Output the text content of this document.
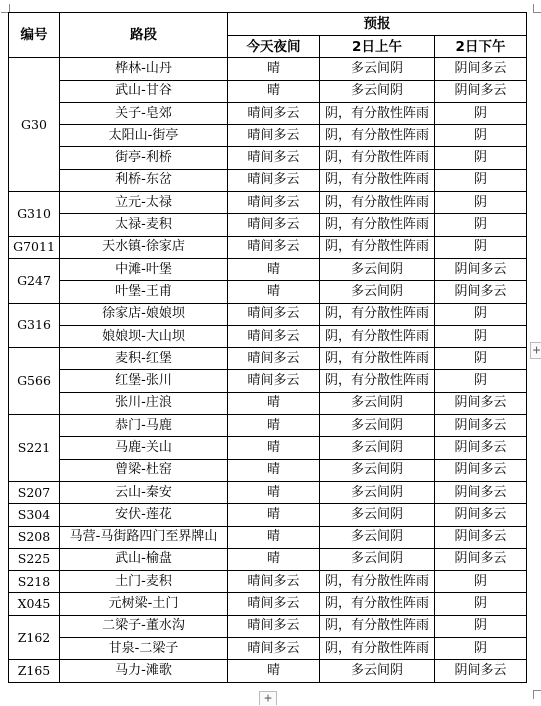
编号	路段	预报		
		今天夜间	2日上午	2日下午
G30	桦林-山丹	晴	多云间阴	阴间多云
	武山-甘谷	晴	多云间阴	阴间多云
	关子-皂郊	晴间多云	阴，有分散性阵雨	阴
	太阳山-街亭	晴间多云	阴，有分散性阵雨	阴
	街亭-利桥	晴间多云	阴，有分散性阵雨	阴
	利桥-东岔	晴间多云	阴，有分散性阵雨	阴
G310	立元-太禄	晴间多云	阴，有分散性阵雨	阴
	太禄-麦积	晴间多云	阴，有分散性阵雨	阴
G7011	天水镇-徐家店	晴间多云	阴，有分散性阵雨	阴
G247	中滩-叶堡	晴	多云间阴	阴间多云
	叶堡-王甫	晴	多云间阴	阴间多云
G316	徐家店-娘娘坝	晴间多云	阴，有分散性阵雨	阴
	娘娘坝-大山坝	晴间多云	阴，有分散性阵雨	阴
G566	麦积-红堡	晴间多云	阴，有分散性阵雨	阴
	红堡-张川	晴间多云	阴，有分散性阵雨	阴
	张川-庄浪	晴	多云间阴	阴间多云
S221	恭门-马鹿	晴	多云间阴	阴间多云
	马鹿-关山	晴	多云间阴	阴间多云
	曾梁-杜窑	晴	多云间阴	阴间多云
S207	云山-秦安	晴	多云间阴	阴间多云
S304	安伏-莲花	晴	多云间阴	阴间多云
S208	马营-马街路四门至界牌山	晴	多云间阴	阴间多云
S225	武山-榆盘	晴	多云间阴	阴间多云
S218	土门-麦积	晴间多云	阴，有分散性阵雨	阴
X045	元树梁-土门	晴间多云	阴，有分散性阵雨	阴
Z162	二梁子-董水沟	晴间多云	阴，有分散性阵雨	阴
	甘泉-二梁子	晴间多云	阴，有分散性阵雨	阴
Z165	马力-滩歌	晴	多云间阴	阴间多云
+
+
